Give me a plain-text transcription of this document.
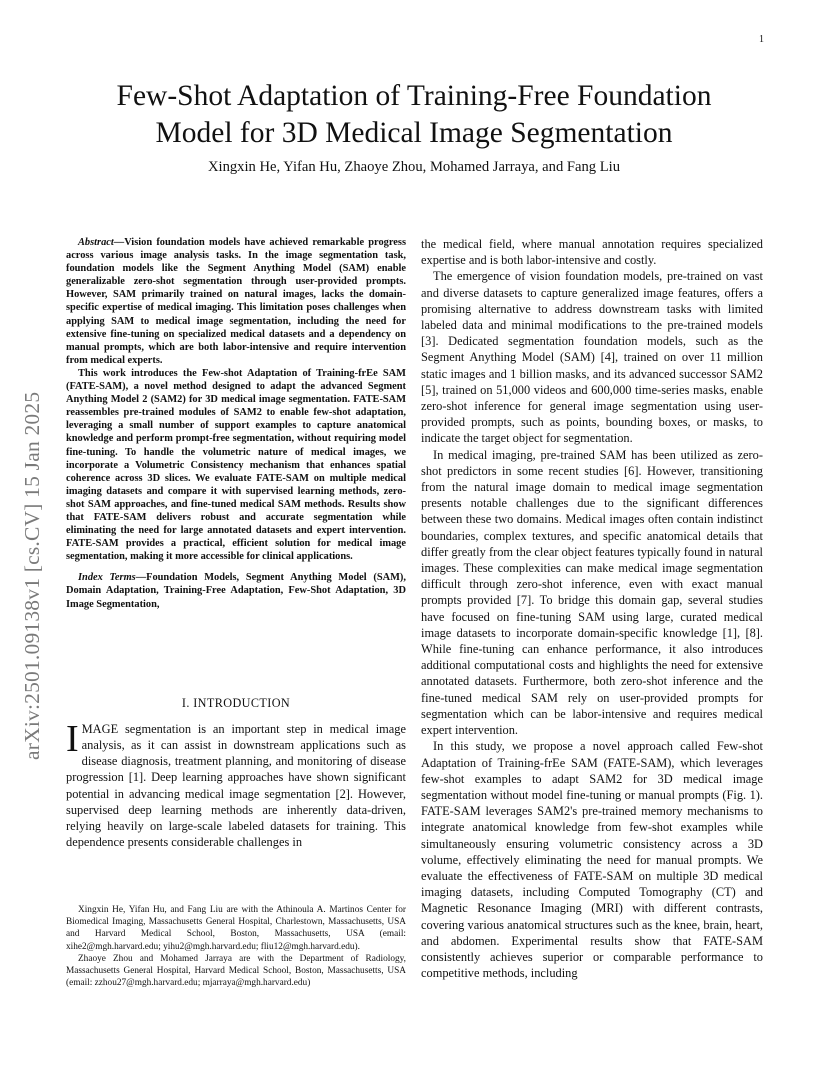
1
arXiv:2501.09138v1 [cs.CV] 15 Jan 2025
Few-Shot Adaptation of Training-Free Foundation
Model for 3D Medical Image Segmentation
Xingxin He, Yifan Hu, Zhaoye Zhou, Mohamed Jarraya, and Fang Liu

Abstract—Vision foundation models have achieved remarkable progress across various image analysis tasks. In the image segmentation task, foundation models like the Segment Anything Model (SAM) enable generalizable zero-shot segmentation through user-provided prompts. However, SAM primarily trained on natural images, lacks the domain-specific expertise of medical imaging. This limitation poses challenges when applying SAM to medical image segmentation, including the need for extensive fine-tuning on specialized medical datasets and a dependency on manual prompts, which are both labor-intensive and require intervention from medical experts.

This work introduces the Few-shot Adaptation of Training-frEe SAM (FATE-SAM), a novel method designed to adapt the advanced Segment Anything Model 2 (SAM2) for 3D medical image segmentation. FATE-SAM reassembles pre-trained modules of SAM2 to enable few-shot adaptation, leveraging a small number of support examples to capture anatomical knowledge and perform prompt-free segmentation, without requiring model fine-tuning. To handle the volumetric nature of medical images, we incorporate a Volumetric Consistency mechanism that enhances spatial coherence across 3D slices. We evaluate FATE-SAM on multiple medical imaging datasets and compare it with supervised learning methods, zero-shot SAM approaches, and fine-tuned medical SAM methods. Results show that FATE-SAM delivers robust and accurate segmentation while eliminating the need for large annotated datasets and expert intervention. FATE-SAM provides a practical, efficient solution for medical image segmentation, making it more accessible for clinical applications.

Index Terms—Foundation Models, Segment Anything Model (SAM), Domain Adaptation, Training-Free Adaptation, Few-Shot Adaptation, 3D Image Segmentation,

I. INTRODUCTION

IMAGE segmentation is an important step in medical image analysis, as it can assist in downstream applications such as disease diagnosis, treatment planning, and monitoring of disease progression [1]. Deep learning approaches have shown significant potential in advancing medical image segmentation [2]. However, supervised deep learning methods are inherently data-driven, relying heavily on large-scale labeled datasets for training. This dependence presents considerable challenges in

Xingxin He, Yifan Hu, and Fang Liu are with the Athinoula A. Martinos Center for Biomedical Imaging, Massachusetts General Hospital, Charlestown, Massachusetts, USA and Harvard Medical School, Boston, Massachusetts, USA (email: xihe2@mgh.harvard.edu; yihu2@mgh.harvard.edu; fliu12@mgh.harvard.edu).

Zhaoye Zhou and Mohamed Jarraya are with the Department of Radiology, Massachusetts General Hospital, Harvard Medical School, Boston, Massachusetts, USA (email: zzhou27@mgh.harvard.edu; mjarraya@mgh.harvard.edu)

the medical field, where manual annotation requires specialized expertise and is both labor-intensive and costly.

The emergence of vision foundation models, pre-trained on vast and diverse datasets to capture generalized image features, offers a promising alternative to address downstream tasks with limited labeled data and minimal modifications to the pre-trained models [3]. Dedicated segmentation foundation models, such as the Segment Anything Model (SAM) [4], trained on over 11 million static images and 1 billion masks, and its advanced successor SAM2 [5], trained on 51,000 videos and 600,000 time-series masks, enable zero-shot inference for general image segmentation using user-provided prompts, such as points, bounding boxes, or masks, to indicate the target object for segmentation.

In medical imaging, pre-trained SAM has been utilized as zero-shot predictors in some recent studies [6]. However, transitioning from the natural image domain to medical image segmentation presents notable challenges due to the significant differences between these two domains. Medical images often contain indistinct boundaries, complex textures, and specific anatomical details that differ greatly from the clear object features typically found in natural images. These complexities can make medical image segmentation difficult through zero-shot inference, even with exact manual prompts provided [7]. To bridge this domain gap, several studies have focused on fine-tuning SAM using large, curated medical image datasets to incorporate domain-specific knowledge [1], [8]. While fine-tuning can enhance performance, it also introduces additional computational costs and highlights the need for extensive annotated datasets. Furthermore, both zero-shot inference and the fine-tuned medical SAM rely on user-provided prompts for segmentation which can be labor-intensive and requires medical expert intervention.

In this study, we propose a novel approach called Few-shot Adaptation of Training-frEe SAM (FATE-SAM), which leverages few-shot examples to adapt SAM2 for 3D medical image segmentation without model fine-tuning or manual prompts (Fig. 1). FATE-SAM leverages SAM2's pre-trained memory mechanisms to integrate anatomical knowledge from few-shot examples while simultaneously ensuring volumetric consistency across a 3D volume, effectively eliminating the need for manual prompts. We evaluate the effectiveness of FATE-SAM on multiple 3D medical imaging datasets, including Computed Tomography (CT) and Magnetic Resonance Imaging (MRI) with different contrasts, covering various anatomical structures such as the knee, brain, heart, and abdomen. Experimental results show that FATE-SAM consistently achieves superior or comparable performance to competitive methods, including
